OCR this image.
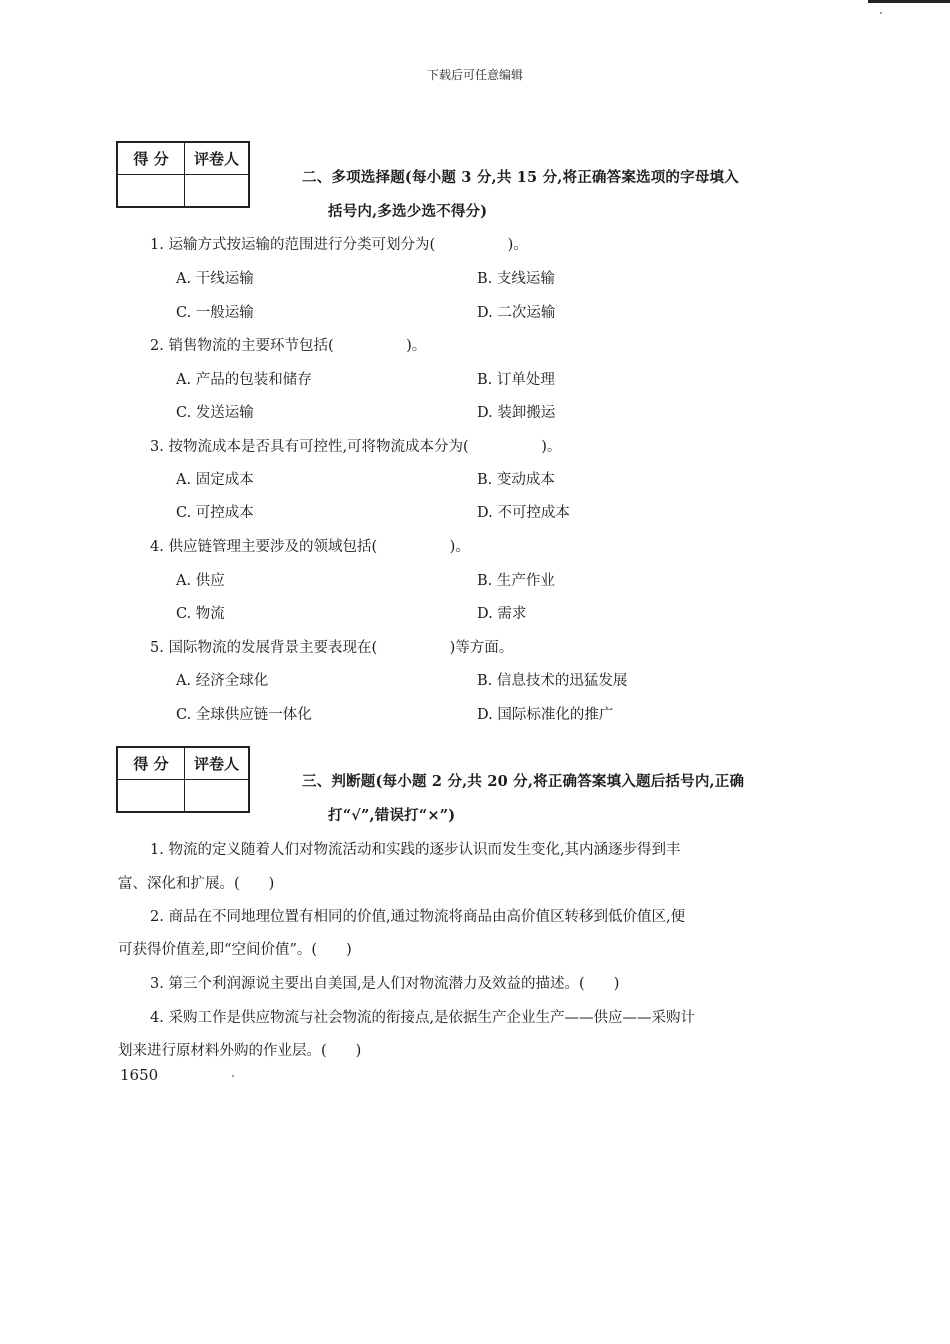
下载后可任意编辑
得 分	评卷人

二、多项选择题(每小题 3 分,共 15 分,将正确答案选项的字母填入
括号内,多选少选不得分)
1. 运输方式按运输的范围进行分类可划分为(　　　　　)。
A. 干线运输	B. 支线运输
C. 一般运输	D. 二次运输
2. 销售物流的主要环节包括(　　　　　)。
A. 产品的包装和储存	B. 订单处理
C. 发送运输	D. 装卸搬运
3. 按物流成本是否具有可控性,可将物流成本分为(　　　　　)。
A. 固定成本	B. 变动成本
C. 可控成本	D. 不可控成本
4. 供应链管理主要涉及的领域包括(　　　　　)。
A. 供应	B. 生产作业
C. 物流	D. 需求
5. 国际物流的发展背景主要表现在(　　　　　)等方面。
A. 经济全球化	B. 信息技术的迅猛发展
C. 全球供应链一体化	D. 国际标准化的推广
得 分	评卷人

三、判断题(每小题 2 分,共 20 分,将正确答案填入题后括号内,正确
打“√”,错误打“×”)
1. 物流的定义随着人们对物流活动和实践的逐步认识而发生变化,其内涵逐步得到丰
富、深化和扩展。(　　)
2. 商品在不同地理位置有相同的价值,通过物流将商品由高价值区转移到低价值区,便
可获得价值差,即“空间价值”。(　　)
3. 第三个利润源说主要出自美国,是人们对物流潜力及效益的描述。(　　)
4. 采购工作是供应物流与社会物流的衔接点,是依据生产企业生产——供应——采购计
划来进行原材料外购的作业层。(　　)
1650
